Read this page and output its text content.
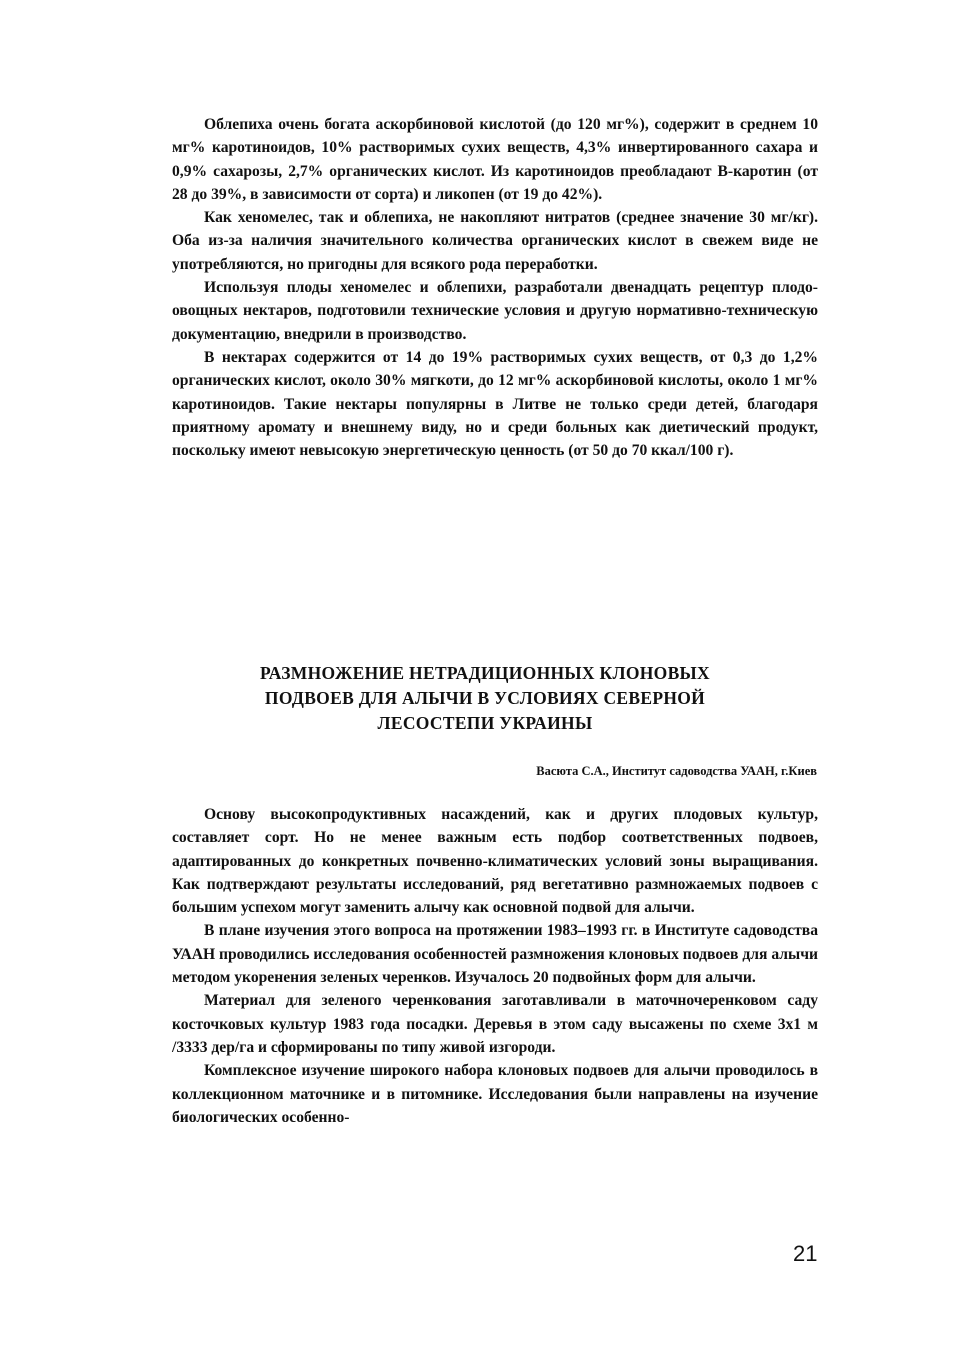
Облепиха очень богата аскорбиновой кислотой (до 120 мг%), содержит в среднем 10 мг% каротиноидов, 10% растворимых сухих веществ, 4,3% инвертированного сахара и 0,9% сахарозы, 2,7% органических кислот. Из каротиноидов преобладают В-каротин (от 28 до 39%, в зависимости от сорта) и ликопен (от 19 до 42%).

Как хеномелес, так и облепиха, не накопляют нитратов (среднее значение 30 мг/кг). Оба из-за наличия значительного количества органических кислот в свежем виде не употребляются, но пригодны для всякого рода переработки.

Используя плоды хеномелес и облепихи, разработали двенадцать рецептур плодо-овощных нектаров, подготовили технические условия и другую нормативно-техническую документацию, внедрили в производство.

В нектарах содержится от 14 до 19% растворимых сухих веществ, от 0,3 до 1,2% органических кислот, около 30% мягкоти, до 12 мг% аскорбиновой кислоты, около 1 мг% каротиноидов. Такие нектары популярны в Литве не только среди детей, благодаря приятному аромату и внешнему виду, но и среди больных как диетический продукт, поскольку имеют невысокую энергетическую ценность (от 50 до 70 ккал/100 г).

РАЗМНОЖЕНИЕ НЕТРАДИЦИОННЫХ КЛОНОВЫХ
ПОДВОЕВ ДЛЯ АЛЫЧИ В УСЛОВИЯХ СЕВЕРНОЙ
ЛЕСОСТЕПИ УКРАИНЫ
Васюта С.А., Институт садоводства УААН, г.Киев

Основу высокопродуктивных насаждений, как и других плодовых культур, составляет сорт. Но не менее важным есть подбор соответственных подвоев, адаптированных до конкретных почвенно-климатических условий зоны выращивания. Как подтверждают результаты исследований, ряд вегетативно размножаемых подвоев с большим успехом могут заменить алычу как основной подвой для алычи.

В плане изучения этого вопроса на протяжении 1983–1993 гг. в Институте садоводства УААН проводились исследования особенностей размножения клоновых подвоев для алычи методом укоренения зеленых черенков. Изучалось 20 подвойных форм для алычи.

Материал для зеленого черенкования заготавливали в маточночеренковом саду косточковых культур 1983 года посадки. Деревья в этом саду высажены по схеме 3х1 м /3333 дер/га и сформированы по типу живой изгороди.

Комплексное изучение широкого набора клоновых подвоев для алычи проводилось в коллекционном маточнике и в питомнике. Исследования были направлены на изучение биологических особенно-

21
